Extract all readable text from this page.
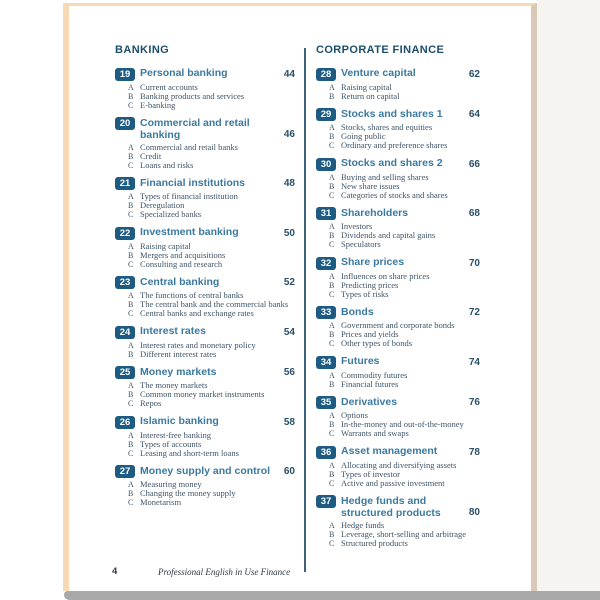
BANKING
19 Personal banking	44
A Current accounts
B Banking products and services
C E-banking
20 Commercial and retail banking	46
A Commercial and retail banks
B Credit
C Loans and risks
21 Financial institutions	48
A Types of financial institution
B Deregulation
C Specialized banks
22 Investment banking	50
A Raising capital
B Mergers and acquisitions
C Consulting and research
23 Central banking	52
A The functions of central banks
B The central bank and the commercial banks
C Central banks and exchange rates
24 Interest rates	54
A Interest rates and monetary policy
B Different interest rates
25 Money markets	56
A The money markets
B Common money market instruments
C Repos
26 Islamic banking	58
A Interest-free banking
B Types of accounts
C Leasing and short-term loans
27 Money supply and control	60
A Measuring money
B Changing the money supply
C Monetarism
CORPORATE FINANCE
28 Venture capital	62
A Raising capital
B Return on capital
29 Stocks and shares 1	64
A Stocks, shares and equities
B Going public
C Ordinary and preference shares
30 Stocks and shares 2	66
A Buying and selling shares
B New share issues
C Categories of stocks and shares
31 Shareholders	68
A Investors
B Dividends and capital gains
C Speculators
32 Share prices	70
A Influences on share prices
B Predicting prices
C Types of risks
33 Bonds	72
A Government and corporate bonds
B Prices and yields
C Other types of bonds
34 Futures	74
A Commodity futures
B Financial futures
35 Derivatives	76
A Options
B In-the-money and out-of-the-money
C Warrants and swaps
36 Asset management	78
A Allocating and diversifying assets
B Types of investor
C Active and passive investment
37 Hedge funds and structured products	80
A Hedge funds
B Leverage, short-selling and arbitrage
C Structured products
4	Professional English in Use Finance
